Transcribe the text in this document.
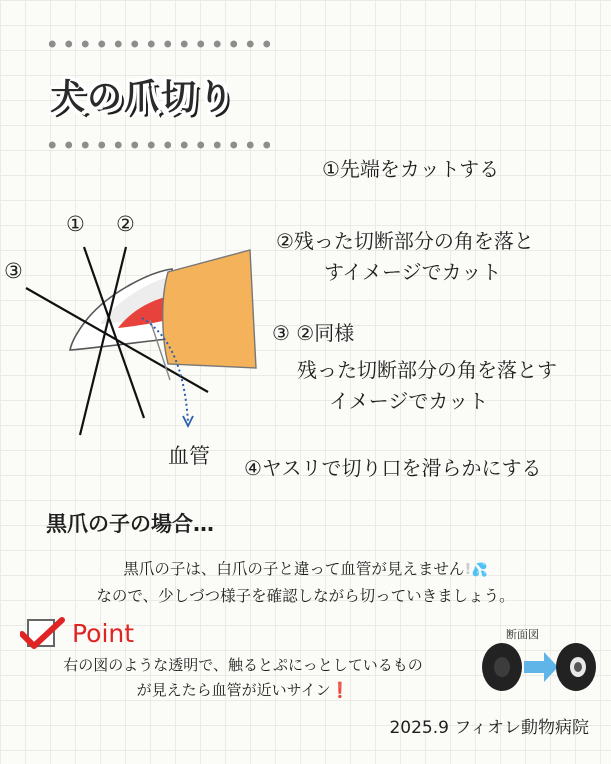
犬の爪切り
①先端をカットする
②残った切断部分の角を落と
すイメージでカット
③ ②同様
残った切断部分の角を落とす
イメージでカット
④ヤスリで切り口を滑らかにする
① ②
③
血管
黒爪の子の場合…
黒爪の子は、白爪の子と違って血管が見えません!💦
なので、少しづつ様子を確認しながら切っていきましょう。
Point
右の図のような透明で、触るとぷにっとしているもの
が見えたら血管が近いサイン❗
断面図
2025.9 フィオレ動物病院
